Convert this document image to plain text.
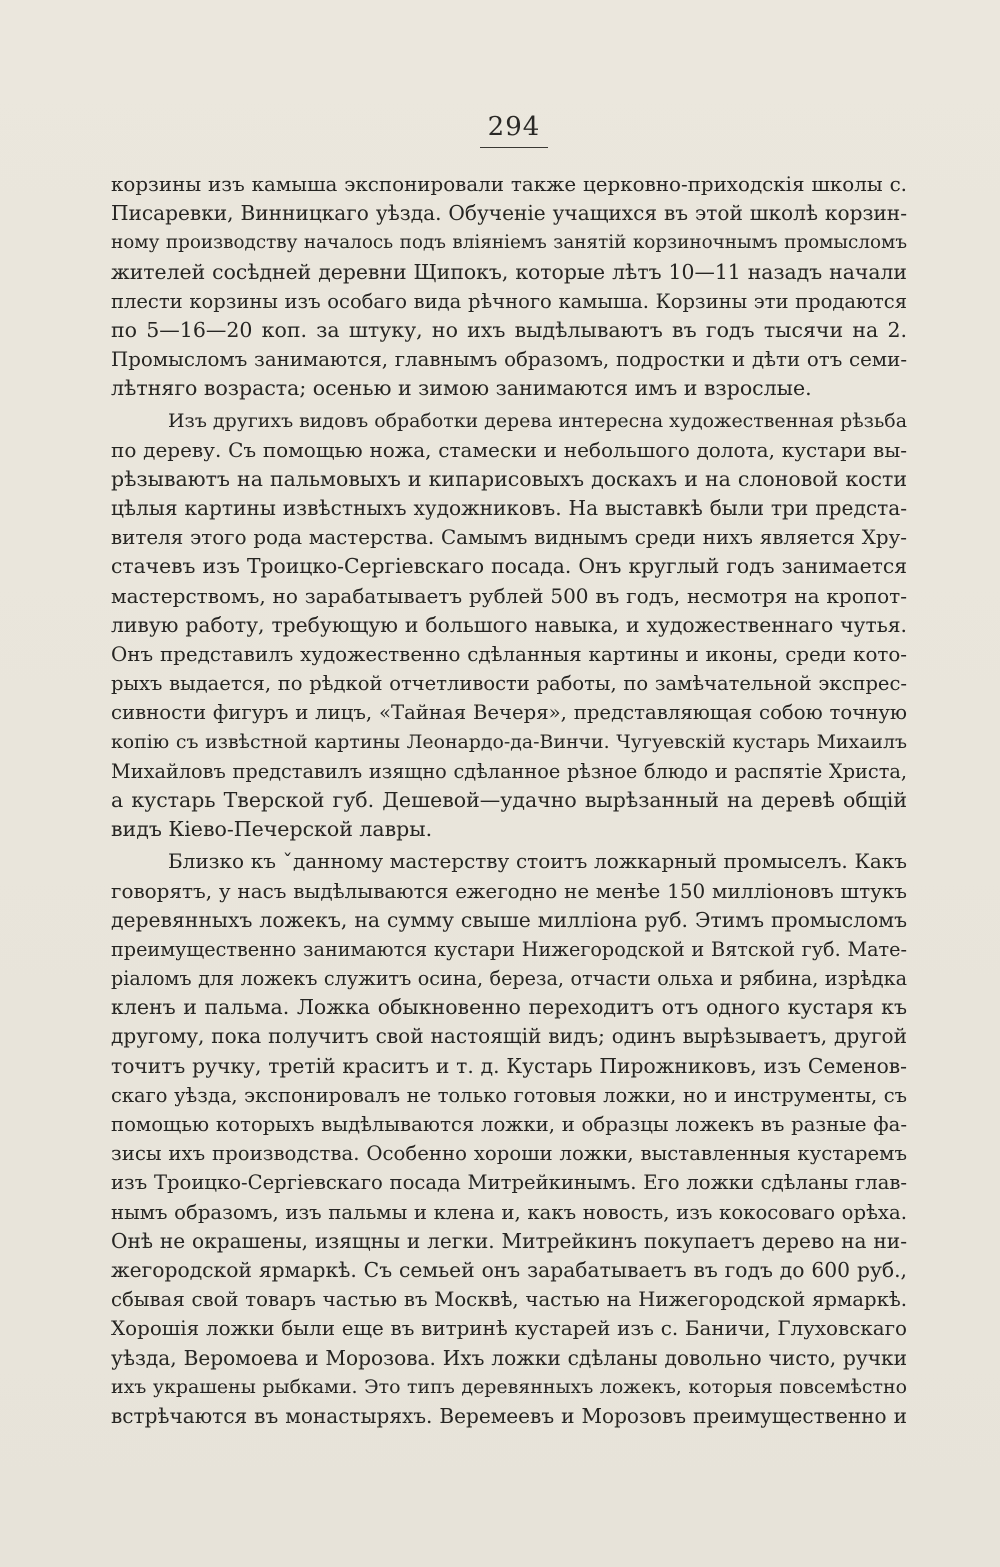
294
корзины изъ камыша экспонировали также церковно-приходскія школы с.
Писаревки, Винницкаго уѣзда. Обученіе учащихся въ этой школѣ корзин-
ному производству началось подъ вліяніемъ занятій корзиночнымъ промысломъ
жителей сосѣдней деревни Щипокъ, которые лѣтъ 10—11 назадъ начали
плести корзины изъ особаго вида рѣчного камыша. Корзины эти продаются
по 5—16—20 коп. за штуку, но ихъ выдѣлываютъ въ годъ тысячи на 2.
Промысломъ занимаются, главнымъ образомъ, подростки и дѣти отъ семи-
лѣтняго возраста; осенью и зимою занимаются имъ и взрослые.
Изъ другихъ видовъ обработки дерева интересна художественная рѣзьба
по дереву. Съ помощью ножа, стамески и небольшого долота, кустари вы-
рѣзываютъ на пальмовыхъ и кипарисовыхъ доскахъ и на слоновой кости
цѣлыя картины извѣстныхъ художниковъ. На выставкѣ были три предста-
вителя этого рода мастерства. Самымъ виднымъ среди нихъ является Хру-
стачевъ изъ Троицко-Сергіевскаго посада. Онъ круглый годъ занимается
мастерствомъ, но зарабатываетъ рублей 500 въ годъ, несмотря на кропот-
ливую работу, требующую и большого навыка, и художественнаго чутья.
Онъ представилъ художественно сдѣланныя картины и иконы, среди кото-
рыхъ выдается, по рѣдкой отчетливости работы, по замѣчательной экспрес-
сивности фигуръ и лицъ, «Тайная Вечеря», представляющая собою точную
копію съ извѣстной картины Леонардо-да-Винчи. Чугуевскій кустарь Михаилъ
Михайловъ представилъ изящно сдѣланное рѣзное блюдо и распятіе Христа,
а кустарь Тверской губ. Дешевой—удачно вырѣзанный на деревѣ общій
видъ Кіево-Печерской лавры.
Близко къ ˇданному мастерству стоитъ ложкарный промыселъ. Какъ
говорятъ, у насъ выдѣлываются ежегодно не менѣе 150 милліоновъ штукъ
деревянныхъ ложекъ, на сумму свыше милліона руб. Этимъ промысломъ
преимущественно занимаются кустари Нижегородской и Вятской губ. Мате-
ріаломъ для ложекъ служитъ осина, береза, отчасти ольха и рябина, изрѣдка
кленъ и пальма. Ложка обыкновенно переходитъ отъ одного кустаря къ
другому, пока получитъ свой настоящій видъ; одинъ вырѣзываетъ, другой
точитъ ручку, третій краситъ и т. д. Кустарь Пирожниковъ, изъ Семенов-
скаго уѣзда, экспонировалъ не только готовыя ложки, но и инструменты, съ
помощью которыхъ выдѣлываются ложки, и образцы ложекъ въ разные фа-
зисы ихъ производства. Особенно хороши ложки, выставленныя кустаремъ
изъ Троицко-Сергіевскаго посада Митрейкинымъ. Его ложки сдѣланы глав-
нымъ образомъ, изъ пальмы и клена и, какъ новость, изъ кокосоваго орѣха.
Онѣ не окрашены, изящны и легки. Митрейкинъ покупаетъ дерево на ни-
жегородской ярмаркѣ. Съ семьей онъ зарабатываетъ въ годъ до 600 руб.,
сбывая свой товаръ частью въ Москвѣ, частью на Нижегородской ярмаркѣ.
Хорошія ложки были еще въ витринѣ кустарей изъ с. Баничи, Глуховскаго
уѣзда, Веромоева и Морозова. Ихъ ложки сдѣланы довольно чисто, ручки
ихъ украшены рыбками. Это типъ деревянныхъ ложекъ, которыя повсемѣстно
встрѣчаются въ монастыряхъ. Веремеевъ и Морозовъ преимущественно и
